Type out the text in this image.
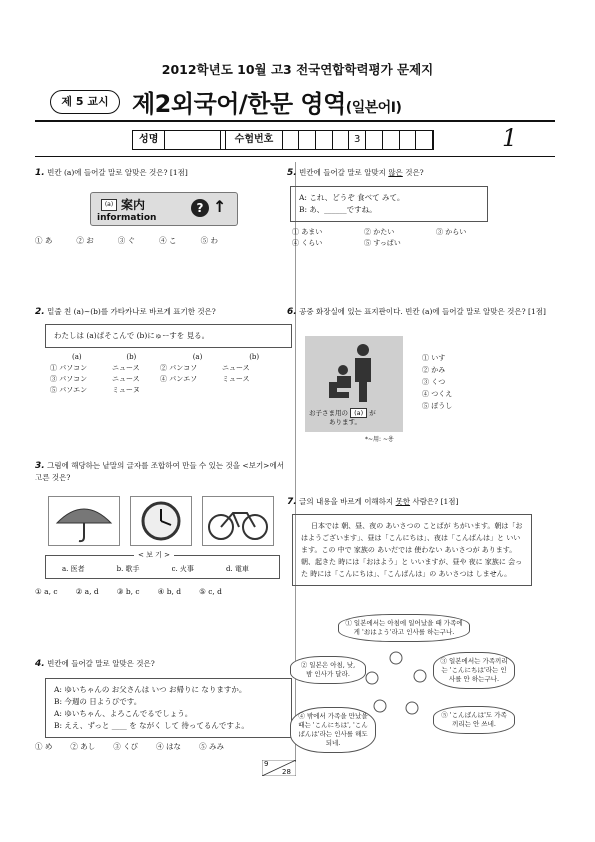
2012학년도 10월 고3 전국연합학력평가 문제지
제 5 교시 제2외국어/한문 영역(일본어Ⅰ)
성명	수험번호	3	1
1. 빈칸 (a)에 들어갈 말로 알맞은 것은? [1점]
(a) 案内
information
? ↑
① あ	② お	③ ぐ	④ こ	⑤ わ
2. 밑줄 친 (a)~(b)를 가타카나로 바르게 표기한 것은?
わたしは (a)ぱそこんで (b)にゅーすを 見る。
(a)	(b)	(a)	(b)
① パソコン	ニュース	② パンコソ	ニュース
③ パソコン	ニュース	④ パンエソ	ミュース
⑤ パソエン	ミューヌ
3. 그림에 해당하는 낱말의 글자를 조합하여 만들 수 있는 것을 <보기>에서 고른 것은?
< 보 기 >
a. 医者	b. 歌手	c. 火事	d. 電車
① a, c ② a, d ③ b, c ④ b, d ⑤ c, d
4. 빈칸에 들어갈 말로 알맞은 것은?
A: ゆいちゃんの お父さんは いつ お帰りに なりますか。
B: 今週の 日ようびです。
A: ゆいちゃん、よろこんでるでしょう。
B: ええ、ずっと ____ を ながく して 待ってるんですよ。
① め ② あし ③ くび ④ はな ⑤ みみ
5. 빈칸에 들어갈 말로 알맞지 않은 것은?
A: これ、どうぞ 食べて みて。
B: あ、______ですね。
① あまい	② かたい	③ からい
④ くらい	⑤ すっぱい
6. 공중 화장실에 있는 표지판이다. 빈칸 (a)에 들어갈 말로 알맞은 것은? [1점]
お子さま用の (a) が
あります。
*~用: ~용
① いす
② かみ
③ くつ
④ つくえ
⑤ ぼうし
7. 글의 내용을 바르게 이해하지 못한 사람은? [1점]
日本では 朝、昼、夜の あいさつの ことばが ちがいます。朝は「おはようございます」、昼は「こんにちは」、夜は「こんばんは」と いいます。この 中で 家族の あいだでは 使わない あいさつが あります。朝、起きた 時には「おはよう」と いいますが、昼や 夜に 家族に 会った 時には「こんにちは」、「こんばんは」の あいさつは しません。
① 일본에서는 아침에 일어났을 때 가족에게 'おはよう'라고 인사를 하는구나.
② 일본은 아침, 낮, 밤 인사가 달라.
③ 일본에서는 가족끼리는 'こんにちは'라는 인사를 안 하는구나.
④ 밖에서 가족을 만났을 때는 'こんにちは', 'こんばんは'라는 인사를 해도 되네.
⑤ 'こんばんは'도 가족끼리는 안 쓰네.
9
28
